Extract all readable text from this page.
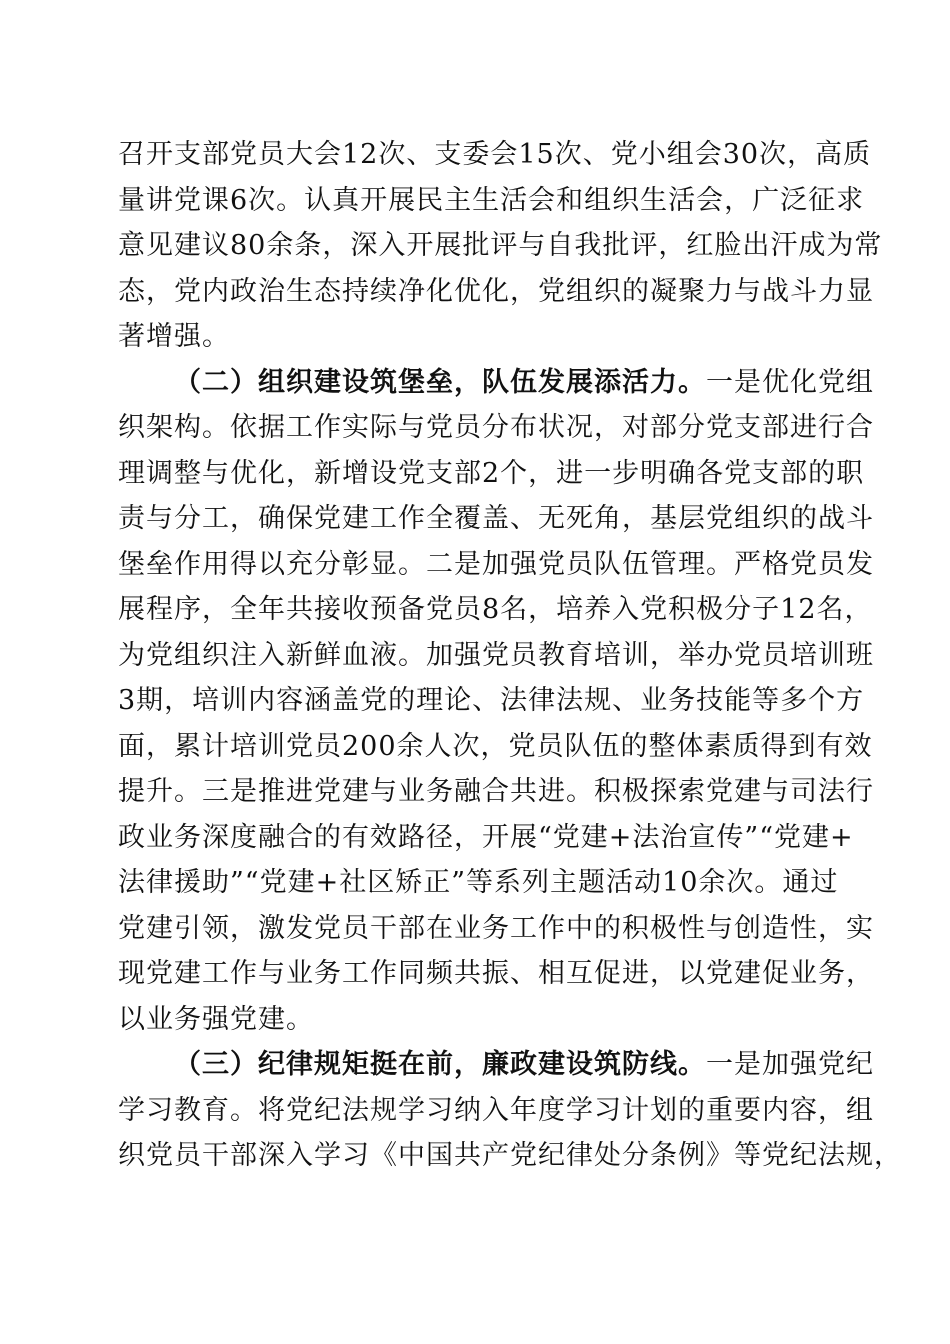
召开支部党员大会12次、支委会15次、党小组会30次，高质
量讲党课6次。认真开展民主生活会和组织生活会，广泛征求
意见建议80余条，深入开展批评与自我批评，红脸出汗成为常
态，党内政治生态持续净化优化，党组织的凝聚力与战斗力显
著增强。
（二）组织建设筑堡垒，队伍发展添活力。一是优化党组
织架构。依据工作实际与党员分布状况，对部分党支部进行合
理调整与优化，新增设党支部2个，进一步明确各党支部的职
责与分工，确保党建工作全覆盖、无死角，基层党组织的战斗
堡垒作用得以充分彰显。二是加强党员队伍管理。严格党员发
展程序，全年共接收预备党员8名，培养入党积极分子12名，
为党组织注入新鲜血液。加强党员教育培训，举办党员培训班
3期，培训内容涵盖党的理论、法律法规、业务技能等多个方
面，累计培训党员200余人次，党员队伍的整体素质得到有效
提升。三是推进党建与业务融合共进。积极探索党建与司法行
政业务深度融合的有效路径，开展“党建+法治宣传”“党建+
法律援助”“党建+社区矫正”等系列主题活动10余次。通过
党建引领，激发党员干部在业务工作中的积极性与创造性，实
现党建工作与业务工作同频共振、相互促进，以党建促业务，
以业务强党建。
（三）纪律规矩挺在前，廉政建设筑防线。一是加强党纪
学习教育。将党纪法规学习纳入年度学习计划的重要内容，组
织党员干部深入学习《中国共产党纪律处分条例》等党纪法规，
